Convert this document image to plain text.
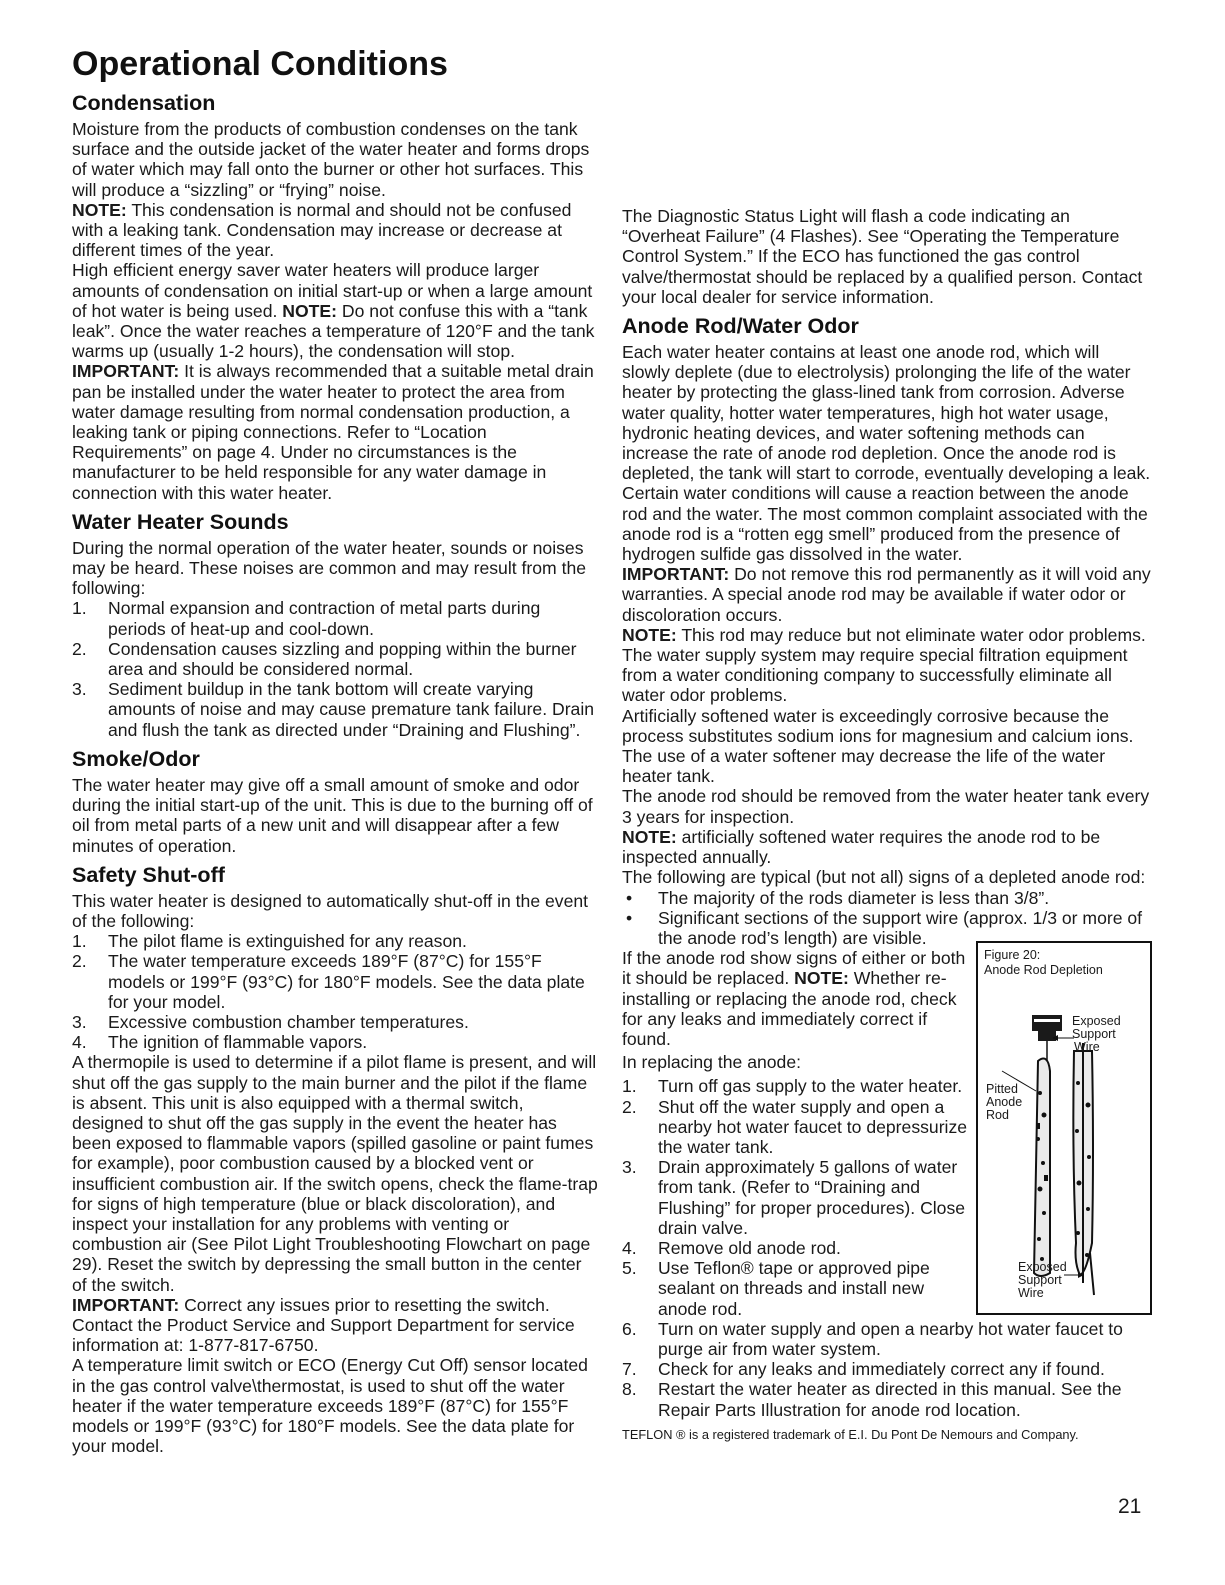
Operational Conditions
Condensation

Moisture from the products of combustion condenses on the tank surface and the outside jacket of the water heater and forms drops of water which may fall onto the burner or other hot surfaces. This will produce a “sizzling” or “frying” noise.

NOTE: This condensation is normal and should not be confused with a leaking tank. Condensation may increase or decrease at different times of the year.

High efficient energy saver water heaters will produce larger amounts of condensation on initial start-up or when a large amount of hot water is being used. NOTE: Do not confuse this with a “tank leak”. Once the water reaches a temperature of 120°F and the tank warms up (usually 1-2 hours), the condensation will stop.

IMPORTANT: It is always recommended that a suitable metal drain pan be installed under the water heater to protect the area from water damage resulting from normal condensation production, a leaking tank or piping connections. Refer to “Location Requirements” on page 4. Under no circumstances is the manufacturer to be held responsible for any water damage in connection with this water heater.

Water Heater Sounds

During the normal operation of the water heater, sounds or noises may be heard. These noises are common and may result from the following:

1. Normal expansion and contraction of metal parts during periods of heat-up and cool-down.
2. Condensation causes sizzling and popping within the burner area and should be considered normal.
3. Sediment buildup in the tank bottom will create varying amounts of noise and may cause premature tank failure. Drain and flush the tank as directed under “Draining and Flushing”.
Smoke/Odor

The water heater may give off a small amount of smoke and odor during the initial start-up of the unit. This is due to the burning off of oil from metal parts of a new unit and will disappear after a few minutes of operation.

Safety Shut-off

This water heater is designed to automatically shut-off in the event of the following:

1. The pilot flame is extinguished for any reason.
2. The water temperature exceeds 189°F (87°C) for 155°F models or 199°F (93°C) for 180°F models. See the data plate for your model.
3. Excessive combustion chamber temperatures.
4. The ignition of flammable vapors.

A thermopile is used to determine if a pilot flame is present, and will shut off the gas supply to the main burner and the pilot if the flame is absent. This unit is also equipped with a thermal switch, designed to shut off the gas supply in the event the heater has been exposed to flammable vapors (spilled gasoline or paint fumes for example), poor combustion caused by a blocked vent or insufficient combustion air. If the switch opens, check the flame-trap for signs of high temperature (blue or black discoloration), and inspect your installation for any problems with venting or combustion air (See Pilot Light Troubleshooting Flowchart on page 29). Reset the switch by depressing the small button in the center of the switch.

IMPORTANT: Correct any issues prior to resetting the switch. Contact the Product Service and Support Department for service information at: 1-877-817-6750.

A temperature limit switch or ECO (Energy Cut Off) sensor located in the gas control valve\thermostat, is used to shut off the water heater if the water temperature exceeds 189°F (87°C) for 155°F models or 199°F (93°C) for 180°F models. See the data plate for your model.

The Diagnostic Status Light will flash a code indicating an “Overheat Failure” (4 Flashes). See “Operating the Temperature Control System.” If the ECO has functioned the gas control valve/thermostat should be replaced by a qualified person. Contact your local dealer for service information.

Anode Rod/Water Odor

Each water heater contains at least one anode rod, which will slowly deplete (due to electrolysis) prolonging the life of the water heater by protecting the glass-lined tank from corrosion. Adverse water quality, hotter water temperatures, high hot water usage, hydronic heating devices, and water softening methods can increase the rate of anode rod depletion. Once the anode rod is depleted, the tank will start to corrode, eventually developing a leak.

Certain water conditions will cause a reaction between the anode rod and the water. The most common complaint associated with the anode rod is a “rotten egg smell” produced from the presence of hydrogen sulfide gas dissolved in the water.

IMPORTANT: Do not remove this rod permanently as it will void any warranties. A special anode rod may be available if water odor or discoloration occurs.

NOTE: This rod may reduce but not eliminate water odor problems. The water supply system may require special filtration equipment from a water conditioning company to successfully eliminate all water odor problems.

Artificially softened water is exceedingly corrosive because the process substitutes sodium ions for magnesium and calcium ions. The use of a water softener may decrease the life of the water heater tank.

The anode rod should be removed from the water heater tank every 3 years for inspection.

NOTE: artificially softened water requires the anode rod to be inspected annually.

The following are typical (but not all) signs of a depleted anode rod:

• The majority of the rods diameter is less than 3/8”.
• Significant sections of the support wire (approx. 1/3 or more of the anode rod’s length) are visible.

If the anode rod show signs of either or both it should be replaced. NOTE: Whether re-installing or replacing the anode rod, check for any leaks and immediately correct if found.

In replacing the anode:

1. Turn off gas supply to the water heater.
2. Shut off the water supply and open a nearby hot water faucet to depressurize the water tank.
3. Drain approximately 5 gallons of water from tank. (Refer to “Draining and Flushing” for proper procedures). Close drain valve.
4. Remove old anode rod.
5. Use Teflon® tape or approved pipe sealant on threads and install new anode rod.
6. Turn on water supply and open a nearby hot water faucet to purge air from water system.
7. Check for any leaks and immediately correct any if found.
8. Restart the water heater as directed in this manual. See the Repair Parts Illustration for anode rod location.

TEFLON ® is a registered trademark of E.I. Du Pont De Nemours and Company.

Figure 20:
Anode Rod Depletion
Exposed
Support
Wire
Pitted
Anode
Rod
Exposed
Support
Wire
21
